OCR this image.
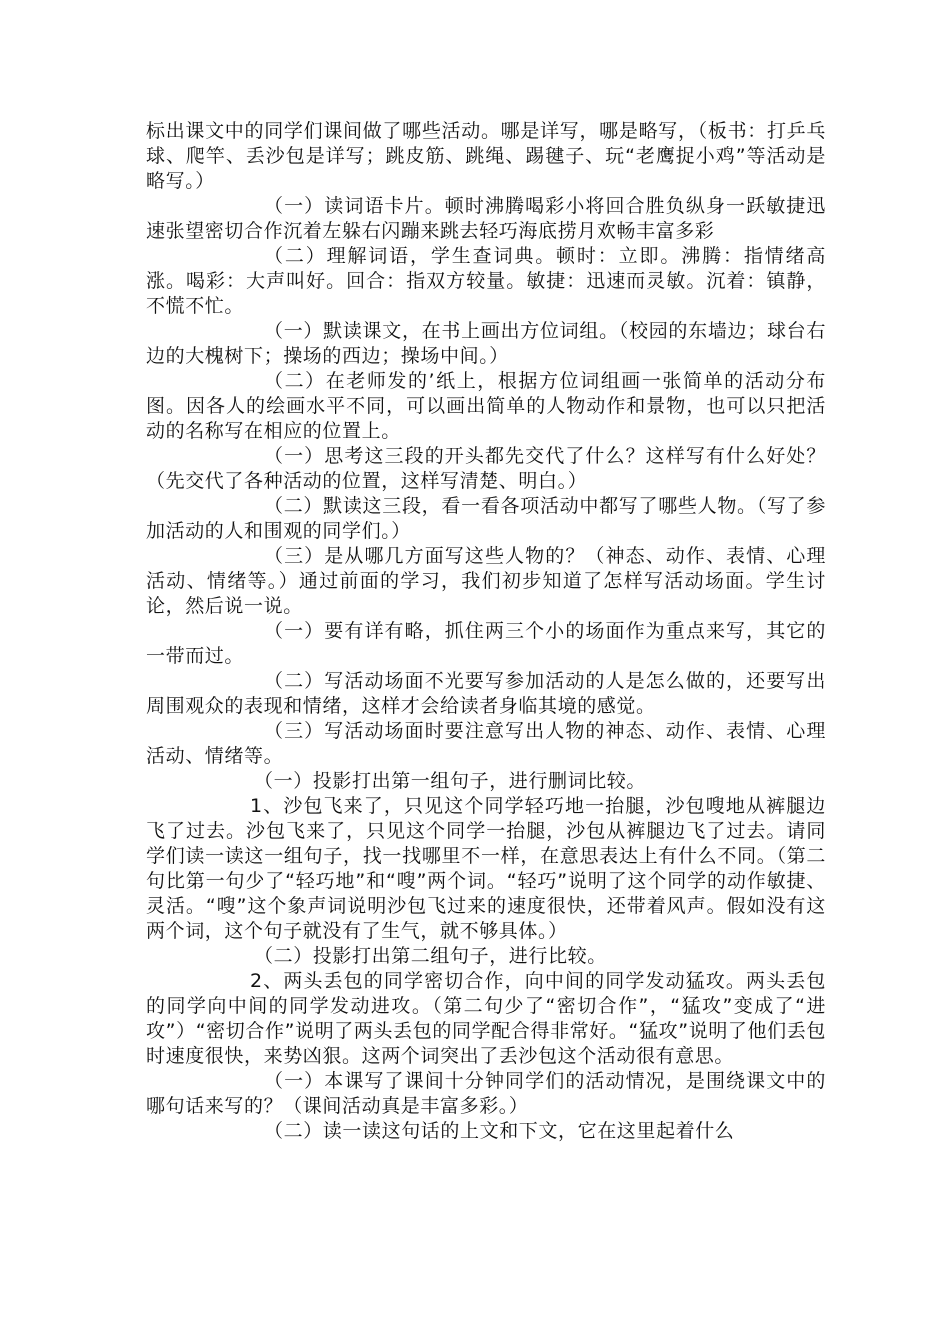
标出课文中的同学们课间做了哪些活动。哪是详写，哪是略写，（板书：打乒乓球、爬竿、丢沙包是详写；跳皮筋、跳绳、踢毽子、玩“老鹰捉小鸡”等活动是略写。）

（一）读词语卡片。顿时沸腾喝彩小将回合胜负纵身一跃敏捷迅速张望密切合作沉着左躲右闪蹦来跳去轻巧海底捞月欢畅丰富多彩

（二）理解词语，学生查词典。顿时：立即。沸腾：指情绪高涨。喝彩：大声叫好。回合：指双方较量。敏捷：迅速而灵敏。沉着：镇静，不慌不忙。

（一）默读课文，在书上画出方位词组。（校园的东墙边；球台右边的大槐树下；操场的西边；操场中间。）

（二）在老师发的’纸上，根据方位词组画一张简单的活动分布图。因各人的绘画水平不同，可以画出简单的人物动作和景物，也可以只把活动的名称写在相应的位置上。

（一）思考这三段的开头都先交代了什么？这样写有什么好处？（先交代了各种活动的位置，这样写清楚、明白。）

（二）默读这三段，看一看各项活动中都写了哪些人物。（写了参加活动的人和围观的同学们。）

（三）是从哪几方面写这些人物的？（神态、动作、表情、心理活动、情绪等。）通过前面的学习，我们初步知道了怎样写活动场面。学生讨论，然后说一说。

（一）要有详有略，抓住两三个小的场面作为重点来写，其它的一带而过。

（二）写活动场面不光要写参加活动的人是怎么做的，还要写出周围观众的表现和情绪，这样才会给读者身临其境的感觉。

（三）写活动场面时要注意写出人物的神态、动作、表情、心理活动、情绪等。

（一）投影打出第一组句子，进行删词比较。

1、沙包飞来了，只见这个同学轻巧地一抬腿，沙包嗖地从裤腿边飞了过去。沙包飞来了，只见这个同学一抬腿，沙包从裤腿边飞了过去。请同学们读一读这一组句子，找一找哪里不一样，在意思表达上有什么不同。（第二句比第一句少了“轻巧地”和“嗖”两个词。“轻巧”说明了这个同学的动作敏捷、灵活。“嗖”这个象声词说明沙包飞过来的速度很快，还带着风声。假如没有这两个词，这个句子就没有了生气，就不够具体。）

（二）投影打出第二组句子，进行比较。

2、两头丢包的同学密切合作，向中间的同学发动猛攻。两头丢包的同学向中间的同学发动进攻。（第二句少了“密切合作”，“猛攻”变成了“进攻”）“密切合作”说明了两头丢包的同学配合得非常好。“猛攻”说明了他们丢包时速度很快，来势凶狠。这两个词突出了丢沙包这个活动很有意思。

（一）本课写了课间十分钟同学们的活动情况，是围绕课文中的哪句话来写的？（课间活动真是丰富多彩。）

（二）读一读这句话的上文和下文，它在这里起着什么
